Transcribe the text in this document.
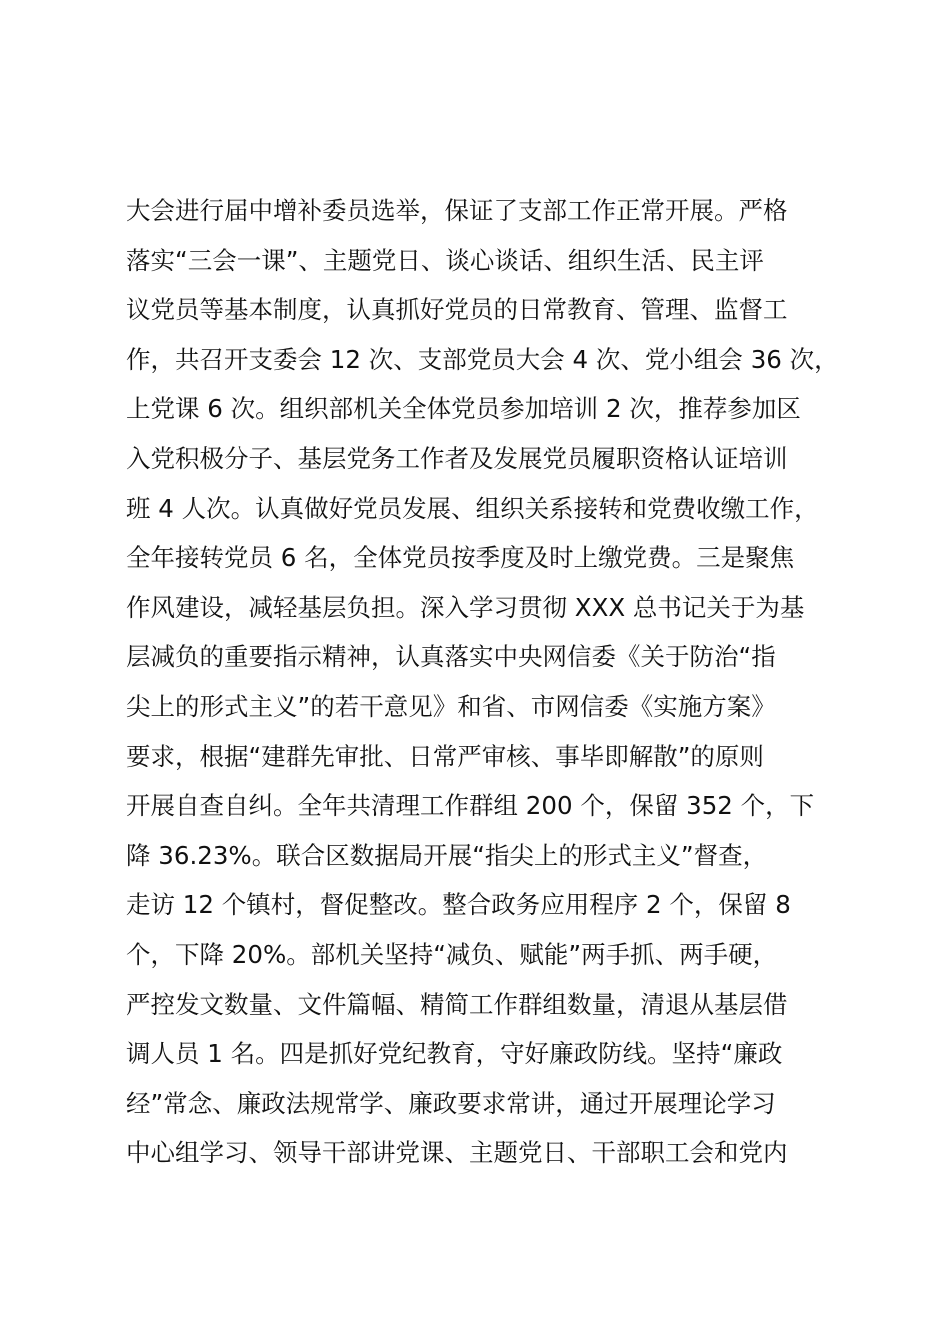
大会进行届中增补委员选举，保证了支部工作正常开展。严格
落实“三会一课”、主题党日、谈心谈话、组织生活、民主评
议党员等基本制度，认真抓好党员的日常教育、管理、监督工
作，共召开支委会 12 次、支部党员大会 4 次、党小组会 36 次，
上党课 6 次。组织部机关全体党员参加培训 2 次，推荐参加区
入党积极分子、基层党务工作者及发展党员履职资格认证培训
班 4 人次。认真做好党员发展、组织关系接转和党费收缴工作，
全年接转党员 6 名，全体党员按季度及时上缴党费。三是聚焦
作风建设，减轻基层负担。深入学习贯彻 XXX 总书记关于为基
层减负的重要指示精神，认真落实中央网信委《关于防治“指
尖上的形式主义”的若干意见》和省、市网信委《实施方案》
要求，根据“建群先审批、日常严审核、事毕即解散”的原则
开展自查自纠。全年共清理工作群组 200 个，保留 352 个，下
降 36.23%。联合区数据局开展“指尖上的形式主义”督查，
走访 12 个镇村，督促整改。整合政务应用程序 2 个，保留 8
个，下降 20%。部机关坚持“减负、赋能”两手抓、两手硬，
严控发文数量、文件篇幅、精简工作群组数量，清退从基层借
调人员 1 名。四是抓好党纪教育，守好廉政防线。坚持“廉政
经”常念、廉政法规常学、廉政要求常讲，通过开展理论学习
中心组学习、领导干部讲党课、主题党日、干部职工会和党内
